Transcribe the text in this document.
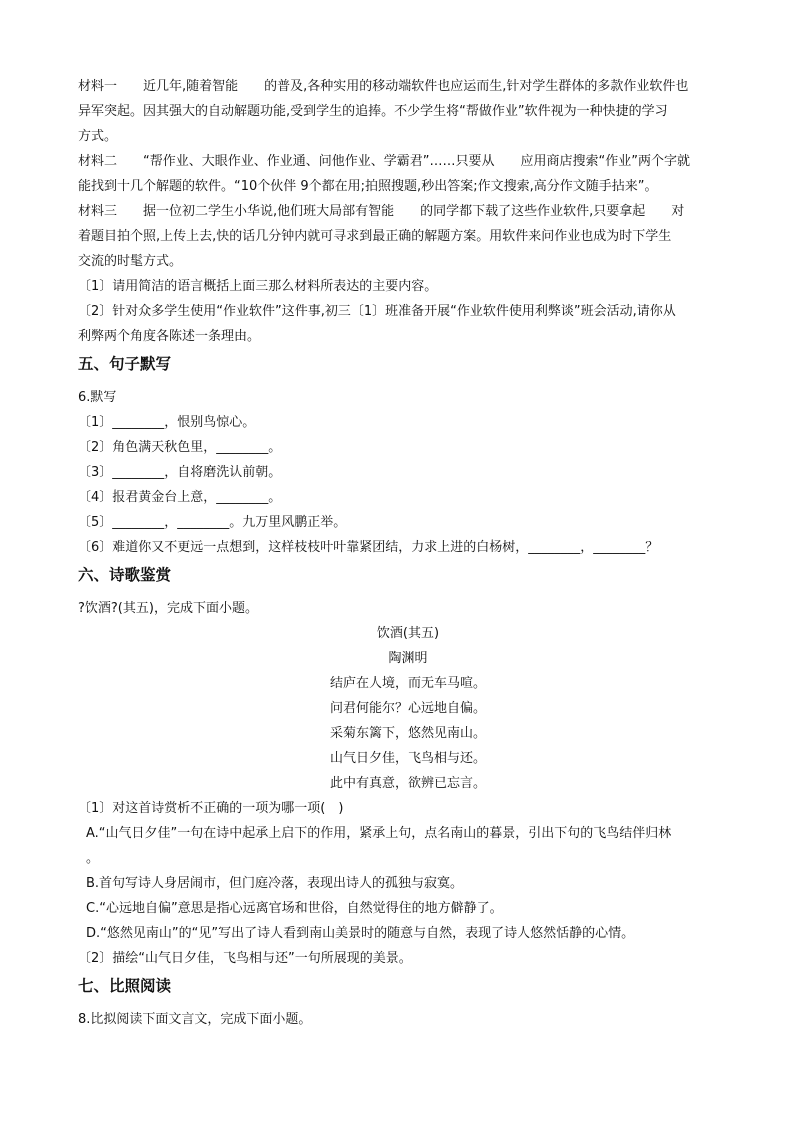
材料一　　近几年,随着智能　　的普及,各种实用的移动端软件也应运而生,针对学生群体的多款作业软件也

异军突起。因其强大的自动解题功能,受到学生的追捧。不少学生将“帮做作业”软件视为一种快捷的学习

方式。

材料二　　“帮作业、大眼作业、作业通、问他作业、学霸君”……只要从　　应用商店搜索“作业”两个字就

能找到十几个解题的软件。“10个伙伴 9个都在用;拍照搜题,秒出答案;作文搜索,高分作文随手拈来”。

材料三　　据一位初二学生小华说,他们班大局部有智能　　的同学都下载了这些作业软件,只要拿起　　对

着题目拍个照,上传上去,快的话几分钟内就可寻求到最正确的解题方案。用软件来问作业也成为时下学生

交流的时髦方式。

〔1〕请用简洁的语言概括上面三那么材料所表达的主要内容。

〔2〕针对众多学生使用“作业软件”这件事,初三〔1〕班准备开展“作业软件使用利弊谈”班会活动,请你从

利弊两个角度各陈述一条理由。

五、句子默写

6.默写

〔1〕________，恨别鸟惊心。

〔2〕角色满天秋色里，________。

〔3〕________，自将磨洗认前朝。

〔4〕报君黄金台上意，________。

〔5〕________，________。九万里风鹏正举。

〔6〕难道你又不更远一点想到，这样枝枝叶叶靠紧团结，力求上进的白杨树，________，________？

六、诗歌鉴赏

?饮酒?(其五)，完成下面小题。

饮酒(其五)

陶渊明

结庐在人境，而无车马喧。

问君何能尔？心远地自偏。

采菊东篱下，悠然见南山。

山气日夕佳，飞鸟相与还。

此中有真意，欲辨已忘言。

〔1〕对这首诗赏析不正确的一项为哪一项(　)

A.“山气日夕佳”一句在诗中起承上启下的作用，紧承上句，点名南山的暮景，引出下句的飞鸟结伴归林

。

B.首句写诗人身居闹市，但门庭冷落，表现出诗人的孤独与寂寞。

C.“心远地自偏”意思是指心远离官场和世俗，自然觉得住的地方僻静了。

D.“悠然见南山”的“见”写出了诗人看到南山美景时的随意与自然，表现了诗人悠然恬静的心情。

〔2〕描绘“山气日夕佳，飞鸟相与还”一句所展现的美景。

七、比照阅读

8.比拟阅读下面文言文，完成下面小题。
